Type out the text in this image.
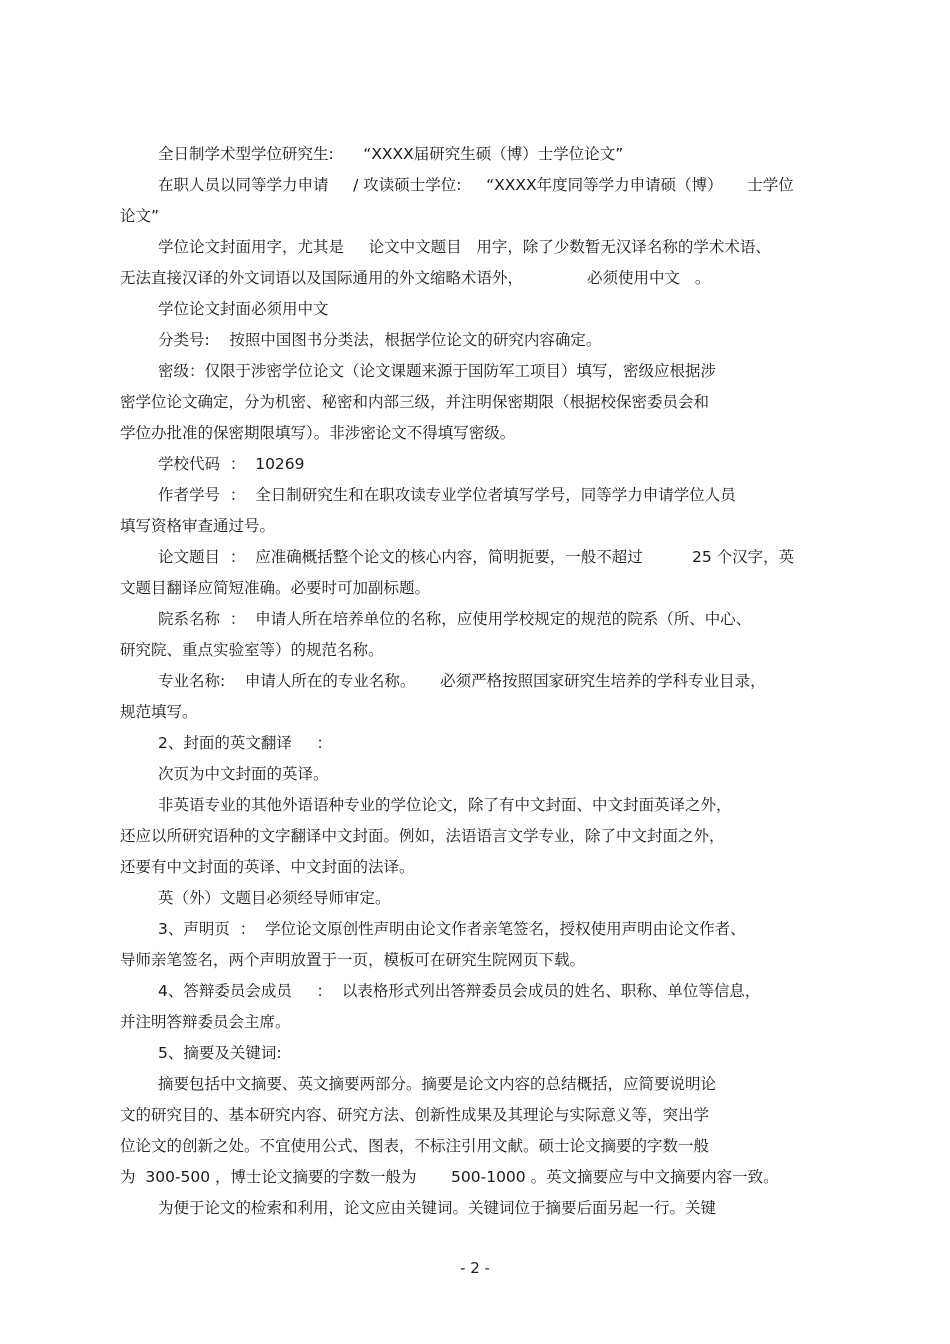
全日制学术型学位研究生:      “XXXX届研究生硕（博）士学位论文”
在职人员以同等学力申请     / 攻读硕士学位:     “XXXX年度同等学力申请硕（博）     士学位
论文”
学位论文封面用字，尤其是     论文中文题目   用字，除了少数暂无汉译名称的学术术语、
无法直接汉译的外文词语以及国际通用的外文缩略术语外，             必须使用中文   。
学位论文封面必须用中文
分类号:    按照中国图书分类法，根据学位论文的研究内容确定。
密级：仅限于涉密学位论文（论文课题来源于国防军工项目）填写，密级应根据涉
密学位论文确定，分为机密、秘密和内部三级，并注明保密期限（根据校保密委员会和
学位办批准的保密期限填写）。非涉密论文不得填写密级。
学校代码  ：  10269
作者学号  ：  全日制研究生和在职攻读专业学位者填写学号，同等学力申请学位人员
填写资格审查通过号。
论文题目  ：  应准确概括整个论文的核心内容，简明扼要，一般不超过          25 个汉字，英
文题目翻译应简短准确。必要时可加副标题。
院系名称  ：  申请人所在培养单位的名称，应使用学校规定的规范的院系（所、中心、
研究院、重点实验室等）的规范名称。
专业名称:    申请人所在的专业名称。     必须严格按照国家研究生培养的学科专业目录，
规范填写。
2、封面的英文翻译     ：
次页为中文封面的英译。
非英语专业的其他外语语种专业的学位论文，除了有中文封面、中文封面英译之外，
还应以所研究语种的文字翻译中文封面。例如，法语语言文学专业，除了中文封面之外，
还要有中文封面的英译、中文封面的法译。
英（外）文题目必须经导师审定。
3、声明页  ：  学位论文原创性声明由论文作者亲笔签名，授权使用声明由论文作者、
导师亲笔签名，两个声明放置于一页，模板可在研究生院网页下载。
4、答辩委员会成员     ：  以表格形式列出答辩委员会成员的姓名、职称、单位等信息，
并注明答辩委员会主席。
5、摘要及关键词:
摘要包括中文摘要、英文摘要两部分。摘要是论文内容的总结概括，应简要说明论
文的研究目的、基本研究内容、研究方法、创新性成果及其理论与实际意义等，突出学
位论文的创新之处。不宜使用公式、图表，不标注引用文献。硕士论文摘要的字数一般
为  300-500 ，博士论文摘要的字数一般为       500-1000 。英文摘要应与中文摘要内容一致。
为便于论文的检索和利用，论文应由关键词。关键词位于摘要后面另起一行。关键
- 2 -
